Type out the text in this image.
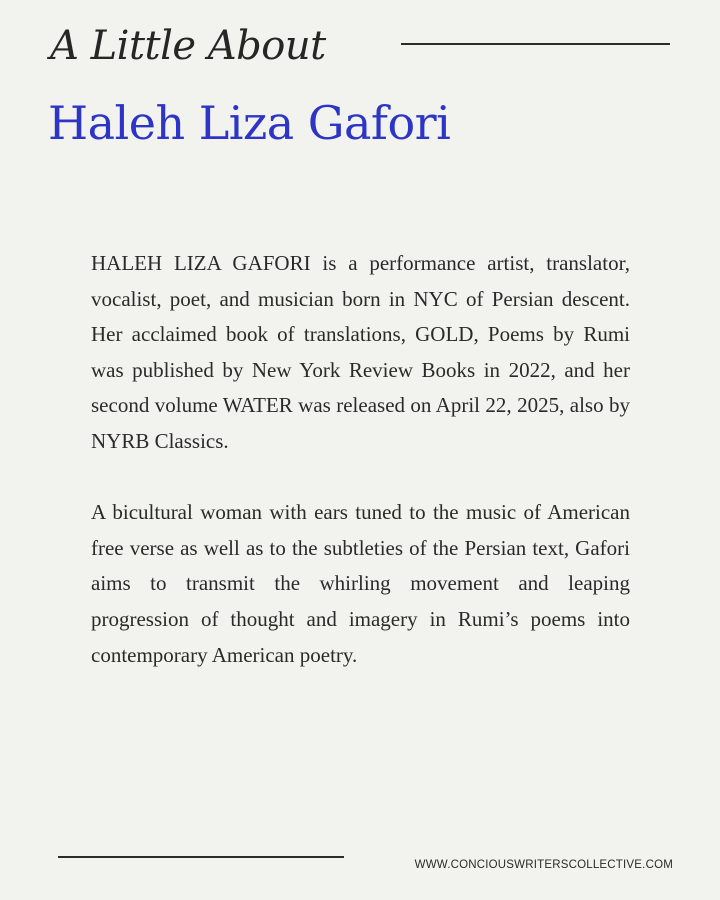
A Little About
Haleh Liza Gafori

HALEH LIZA GAFORI is a performance artist, translator, vocalist, poet, and musician born in NYC of Persian descent. Her acclaimed book of translations, GOLD, Poems by Rumi was published by New York Review Books in 2022, and her second volume WATER was released on April 22, 2025, also by NYRB Classics.

A bicultural woman with ears tuned to the music of American free verse as well as to the subtleties of the Persian text, Gafori aims to transmit the whirling movement and leaping progression of thought and imagery in Rumi’s poems into contemporary American poetry.

WWW.CONCIOUSWRITERSCOLLECTIVE.COM
